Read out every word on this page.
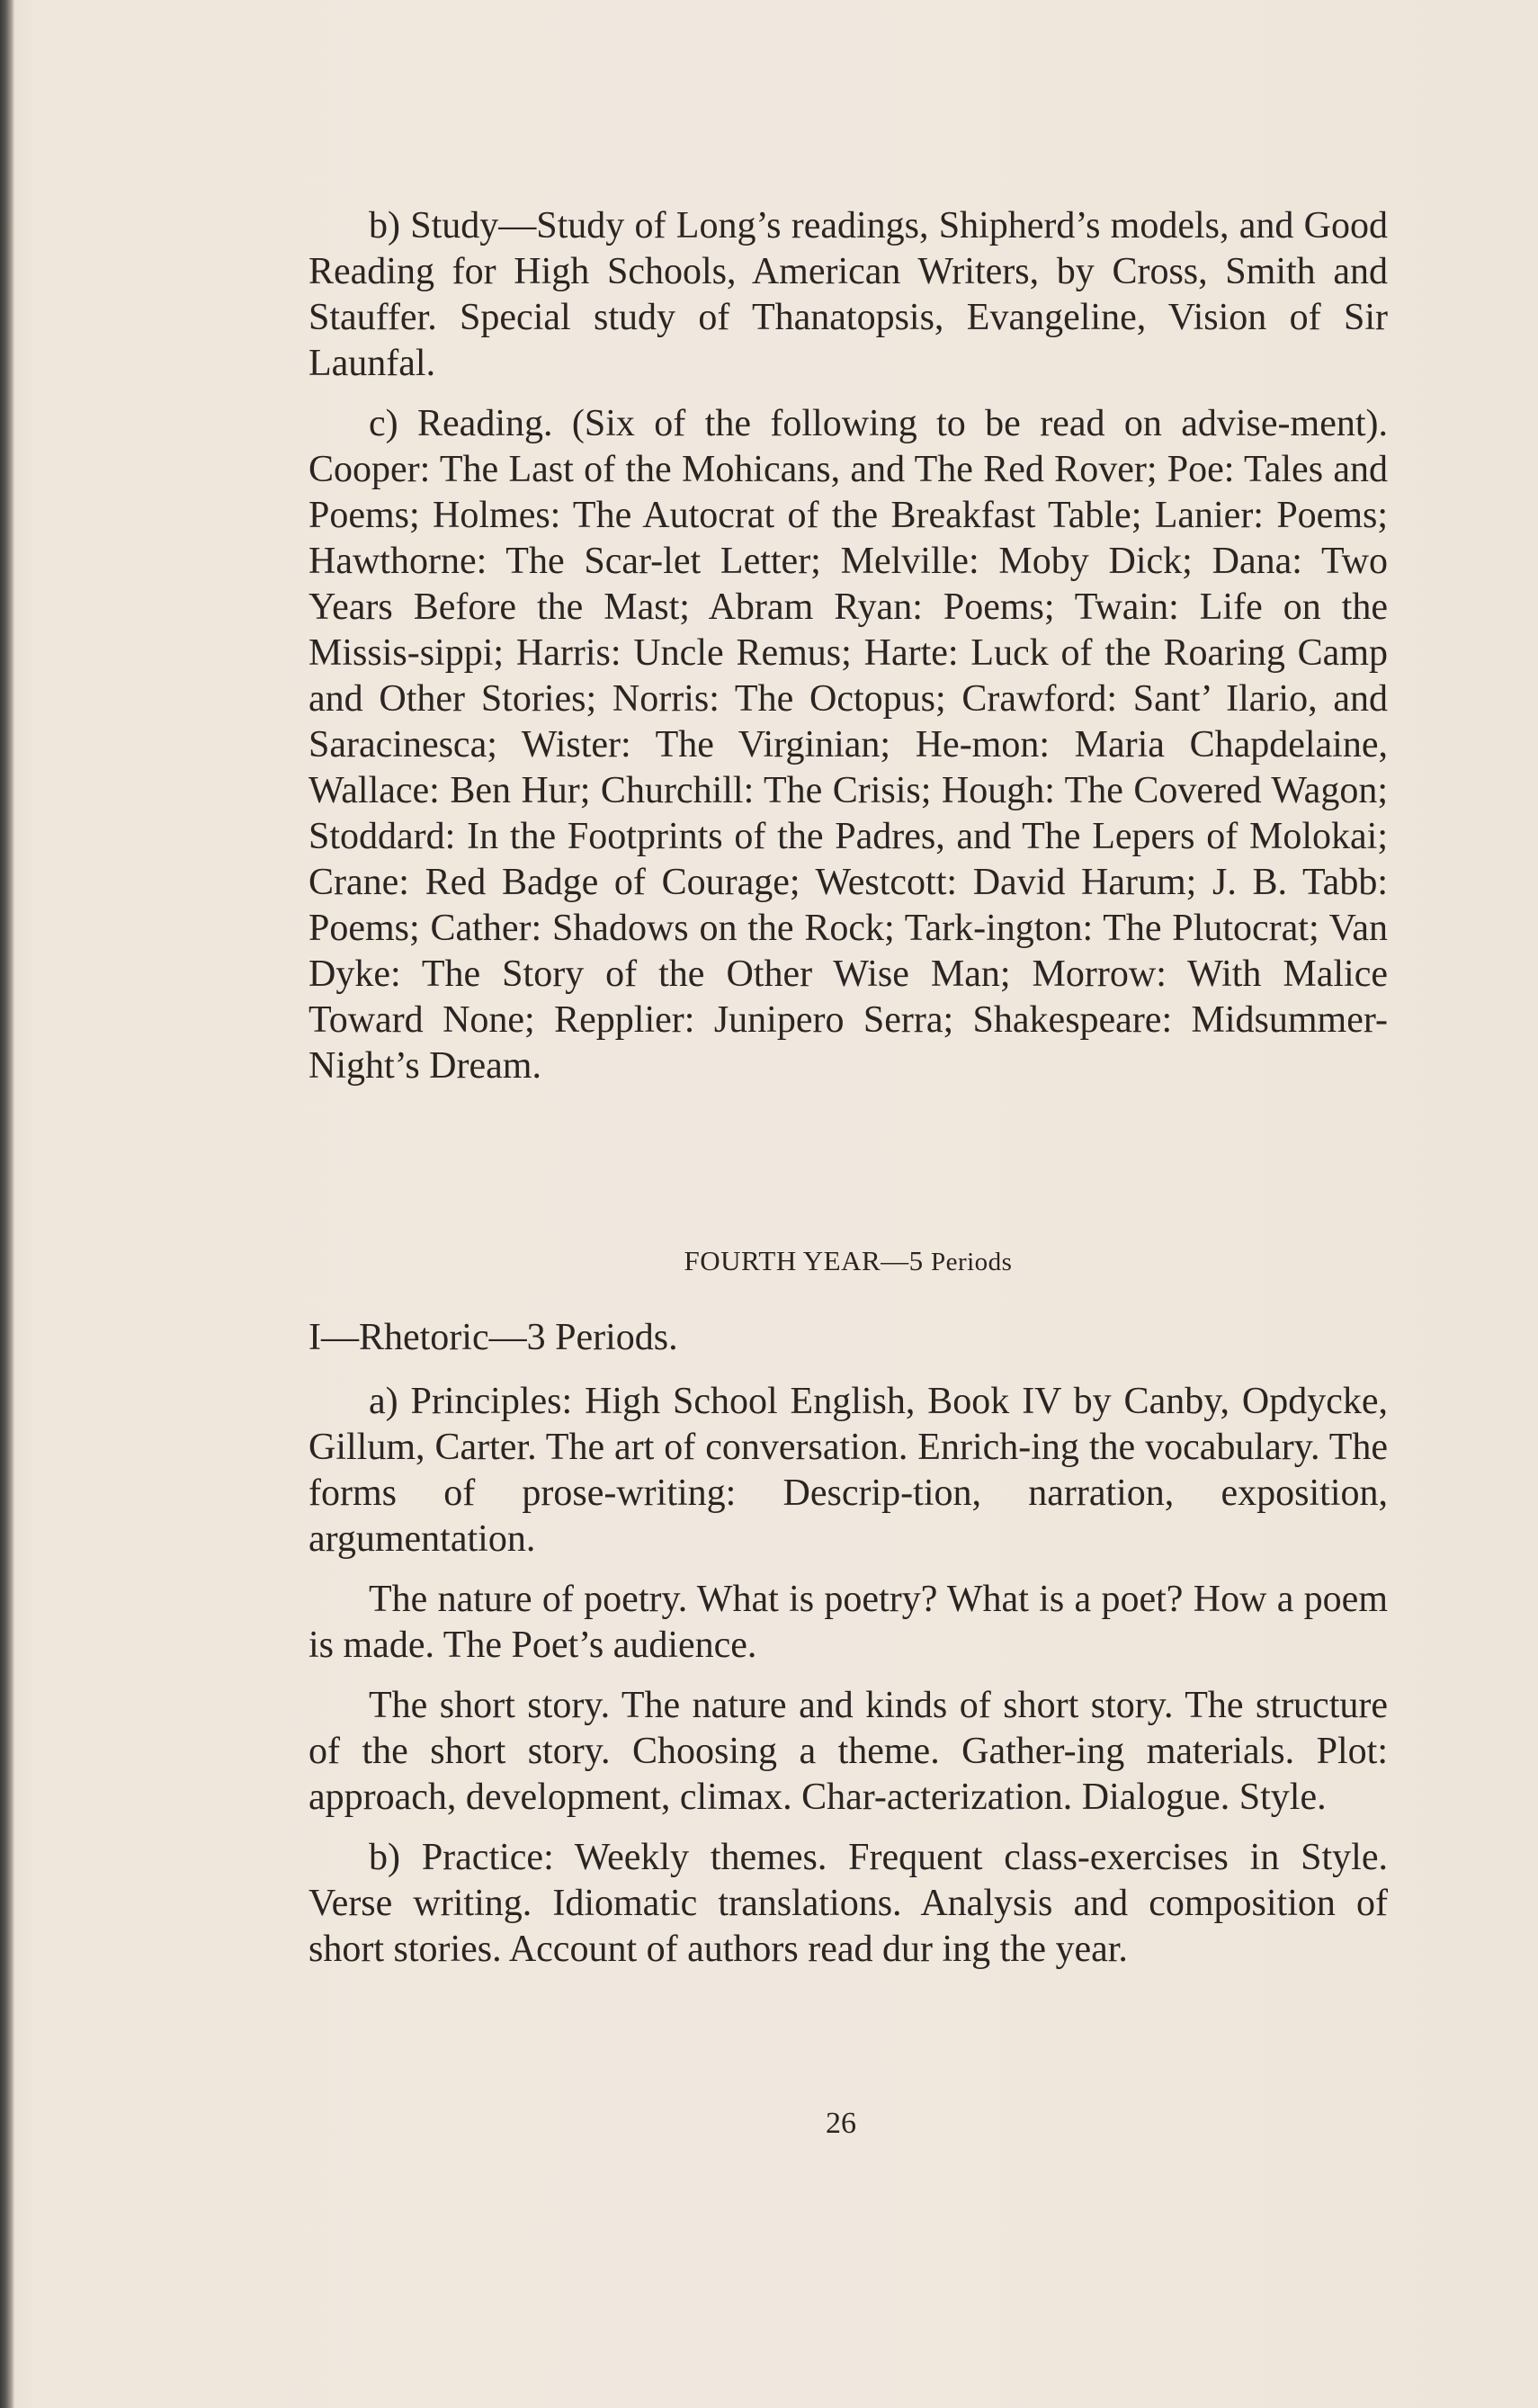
b) Study—Study of Long’s readings, Shipherd’s models, and Good Reading for High Schools, American Writers, by Cross, Smith and Stauffer. Special study of Thanatopsis, Evangeline, Vision of Sir Launfal.

c) Reading. (Six of the following to be read on advise-ment). Cooper: The Last of the Mohicans, and The Red Rover; Poe: Tales and Poems; Holmes: The Autocrat of the Breakfast Table; Lanier: Poems; Hawthorne: The Scar-let Letter; Melville: Moby Dick; Dana: Two Years Before the Mast; Abram Ryan: Poems; Twain: Life on the Missis-sippi; Harris: Uncle Remus; Harte: Luck of the Roaring Camp and Other Stories; Norris: The Octopus; Crawford: Sant’ Ilario, and Saracinesca; Wister: The Virginian; He-mon: Maria Chapdelaine, Wallace: Ben Hur; Churchill: The Crisis; Hough: The Covered Wagon; Stoddard: In the Footprints of the Padres, and The Lepers of Molokai; Crane: Red Badge of Courage; Westcott: David Harum; J. B. Tabb: Poems; Cather: Shadows on the Rock; Tark-ington: The Plutocrat; Van Dyke: The Story of the Other Wise Man; Morrow: With Malice Toward None; Repplier: Junipero Serra; Shakespeare: Midsummer-Night’s Dream.

FOURTH YEAR—5 Periods

I—Rhetoric—3 Periods.

a) Principles: High School English, Book IV by Canby, Opdycke, Gillum, Carter. The art of conversation. Enrich-ing the vocabulary. The forms of prose-writing: Descrip-tion, narration, exposition, argumentation.

The nature of poetry. What is poetry? What is a poet? How a poem is made. The Poet’s audience.

The short story. The nature and kinds of short story. The structure of the short story. Choosing a theme. Gather-ing materials. Plot: approach, development, climax. Char-acterization. Dialogue. Style.

b) Practice: Weekly themes. Frequent class-exercises in Style. Verse writing. Idiomatic translations. Analysis and composition of short stories. Account of authors read dur ing the year.

26
